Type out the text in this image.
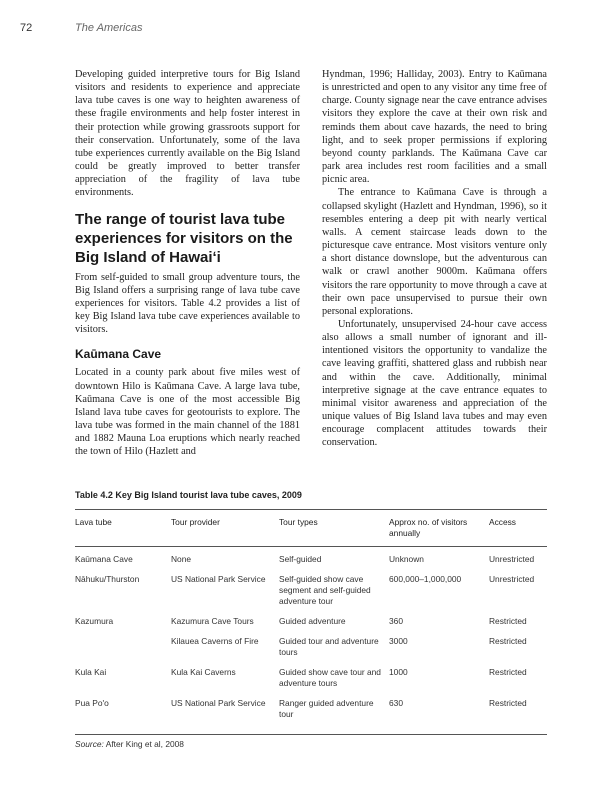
72	The Americas

Developing guided interpretive tours for Big Island visitors and residents to experience and appreciate lava tube caves is one way to heighten awareness of these fragile environments and help foster interest in their protection while growing grassroots support for their conservation. Unfortunately, some of the lava tube experiences currently available on the Big Island could be greatly improved to better transfer appreciation of the fragility of lava tube environments.

The range of tourist lava tube experiences for visitors on the Big Island of Hawaiʻi

From self-guided to small group adventure tours, the Big Island offers a surprising range of lava tube cave experiences for visitors. Table 4.2 provides a list of key Big Island lava tube cave experiences available to visitors.

Kaūmana Cave

Located in a county park about five miles west of downtown Hilo is Kaūmana Cave. A large lava tube, Kaūmana Cave is one of the most accessible Big Island lava tube caves for geotourists to explore. The lava tube was formed in the main channel of the 1881 and 1882 Mauna Loa eruptions which nearly reached the town of Hilo (Hazlett and

Hyndman, 1996; Halliday, 2003). Entry to Kaūmana is unrestricted and open to any visitor any time free of charge. County signage near the cave entrance advises visitors they explore the cave at their own risk and reminds them about cave hazards, the need to bring light, and to seek proper permissions if exploring beyond county parklands. The Kaūmana Cave car park area includes rest room facilities and a small picnic area.

The entrance to Kaūmana Cave is through a collapsed skylight (Hazlett and Hyndman, 1996), so it resembles entering a deep pit with nearly vertical walls. A cement staircase leads down to the picturesque cave entrance. Most visitors venture only a short distance downslope, but the adventurous can walk or crawl another 9000m. Kaūmana offers visitors the rare opportunity to move through a cave at their own pace unsupervised to pursue their own personal explorations.

Unfortunately, unsupervised 24-hour cave access also allows a small number of ignorant and ill-intentioned visitors the opportunity to vandalize the cave leaving graffiti, shattered glass and rubbish near and within the cave. Additionally, minimal interpretive signage at the cave entrance equates to minimal visitor awareness and appreciation of the unique values of Big Island lava tubes and may even encourage complacent attitudes towards their conservation.

Table 4.2 Key Big Island tourist lava tube caves, 2009
Lava tube	Tour provider	Tour types	Approx no. of visitors annually	Access
Kaūmana Cave	None	Self-guided	Unknown	Unrestricted
Nāhuku/Thurston	US National Park Service	Self-guided show cave segment and self-guided adventure tour	600,000–1,000,000	Unrestricted
Kazumura	Kazumura Cave Tours	Guided adventure	360	Restricted
	Kilauea Caverns of Fire	Guided tour and adventure tours	3000	Restricted
Kula Kai	Kula Kai Caverns	Guided show cave tour and adventure tours	1000	Restricted
Pua Po'o	US National Park Service	Ranger guided adventure tour	630	Restricted
Source: After King et al, 2008
